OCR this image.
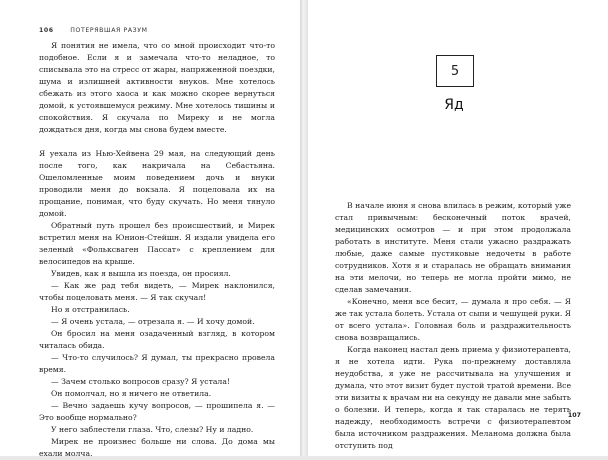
106	ПОТЕРЯВШАЯ РАЗУМ

Я понятия не имела, что со мной происходит что-то подобное. Если я и замечала что-то неладное, то списывала это на стресс от жары, напряженной поездки, шума и излишней активности внуков. Мне хотелось сбежать из этого хаоса и как можно скорее вернуться домой, к устоявшемуся режиму. Мне хотелось тишины и спокойствия. Я скучала по Миреку и не могла дождаться дня, когда мы снова будем вместе.

Я уехала из Нью-Хейвена 29 мая, на следующий день после того, как накричала на Себастьяна. Ошеломленные моим поведением дочь и внуки проводили меня до вокзала. Я поцеловала их на прощание, понимая, что буду скучать. Но меня тянуло домой.

Обратный путь прошел без происшествий, и Мирек встретил меня на Юнион-Стейшн. Я издали увидела его зеленый «Фольксваген Пассат» с креплением для велосипедов на крыше.

Увидев, как я вышла из поезда, он просиял.

— Как же рад тебя видеть, — Мирек наклонился, чтобы поцеловать меня. — Я так скучал!

Но я отстранилась.

— Я очень устала, — отрезала я. — И хочу домой.

Он бросил на меня озадаченный взгляд, в котором читалась обида.

— Что-то случилось? Я думал, ты прекрасно провела время.

— Зачем столько вопросов сразу? Я устала!

Он помолчал, но я ничего не ответила.

— Вечно задаешь кучу вопросов, — прошипела я. — Это вообще нормально?

У него заблестели глаза. Что, слезы? Ну и ладно.

Мирек не произнес больше ни слова. До дома мы ехали молча.

5
Яд

В начале июня я снова влилась в режим, который уже стал привычным: бесконечный поток врачей, медицинских осмотров — и при этом продолжала работать в институте. Меня стали ужасно раздражать любые, даже самые пустяковые недочеты в работе сотрудников. Хотя я и старалась не обращать внимания на эти мелочи, но теперь не могла пройти мимо, не сделав замечания.

«Конечно, меня все бесит, — думала я про себя. — Я же так устала болеть. Устала от сыпи и чешущей руки. Я от всего устала». Головная боль и раздражительность снова возвращались.

Когда наконец настал день приема у физиотерапевта, я не хотела идти. Рука по-прежнему доставляла неудобства, я уже не рассчитывала на улучшения и думала, что этот визит будет пустой тратой времени. Все эти визиты к врачам ни на секунду не давали мне забыть о болезни. И теперь, когда я так старалась не терять надежду, необходимость встречи с физиотерапевтом была источником раздражения. Меланома должна была отступить под

107
